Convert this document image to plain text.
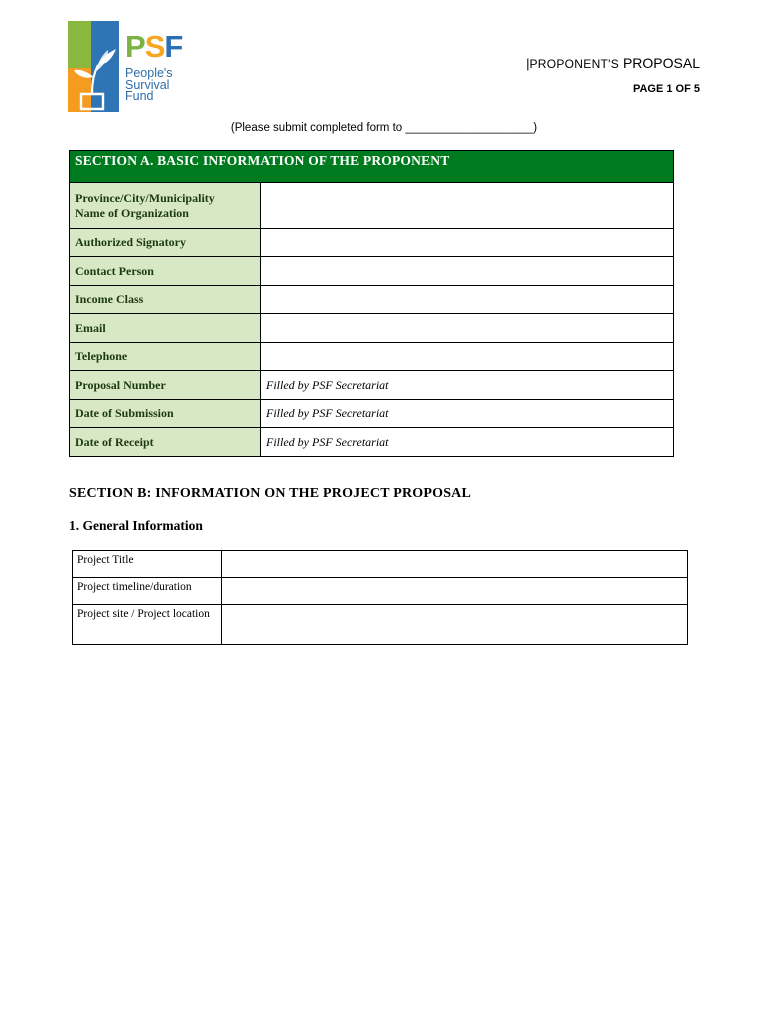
PSF
People's
Survival
Fund
|PROPONENT'S PROPOSAL
PAGE 1 OF 5
(Please submit completed form to ____________________)
SECTION A. BASIC INFORMATION OF THE PROPONENT	

Province/City/Municipality
Name of Organization	

Authorized Signatory	
Contact Person	
Income Class	
Email	
Telephone	
Proposal Number	Filled by PSF Secretariat
Date of Submission	Filled by PSF Secretariat
Date of Receipt	Filled by PSF Secretariat
SECTION B: INFORMATION ON THE PROJECT PROPOSAL
1. General Information
Project Title	
Project timeline/duration	
Project site / Project location	
